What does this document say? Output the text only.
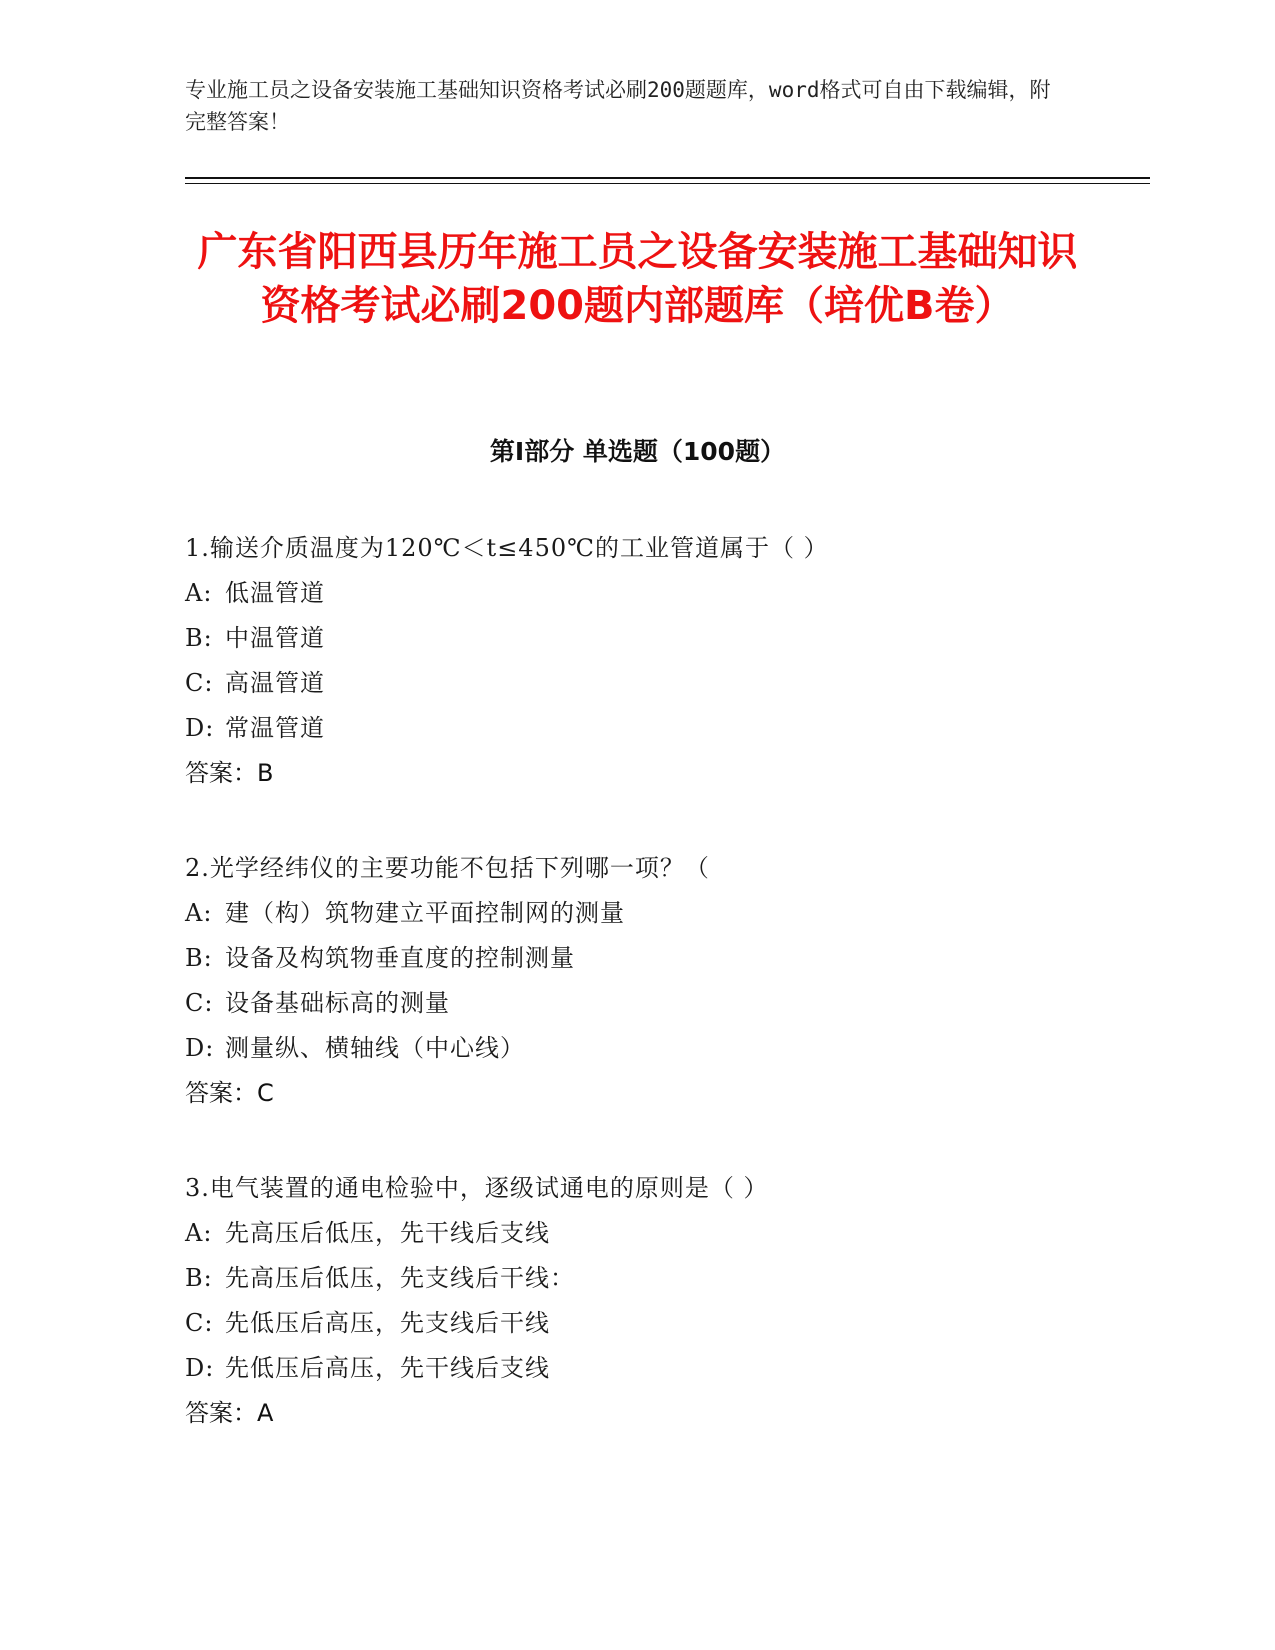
专业施工员之设备安装施工基础知识资格考试必刷200题题库，word格式可自由下载编辑，附完整答案！
广东省阳西县历年施工员之设备安装施工基础知识资格考试必刷200题内部题库（培优B卷）
第Ⅰ部分 单选题（100题）
1.输送介质温度为120℃＜t≤450℃的工业管道属于（ ）
A: 低温管道
B: 中温管道
C: 高温管道
D: 常温管道
答案：B
2.光学经纬仪的主要功能不包括下列哪一项？（
A: 建（构）筑物建立平面控制网的测量
B: 设备及构筑物垂直度的控制测量
C: 设备基础标高的测量
D: 测量纵、横轴线（中心线）
答案：C
3.电气装置的通电检验中，逐级试通电的原则是（ ）
A: 先高压后低压，先干线后支线
B: 先高压后低压，先支线后干线：
C: 先低压后高压，先支线后干线
D: 先低压后高压，先干线后支线
答案：A
